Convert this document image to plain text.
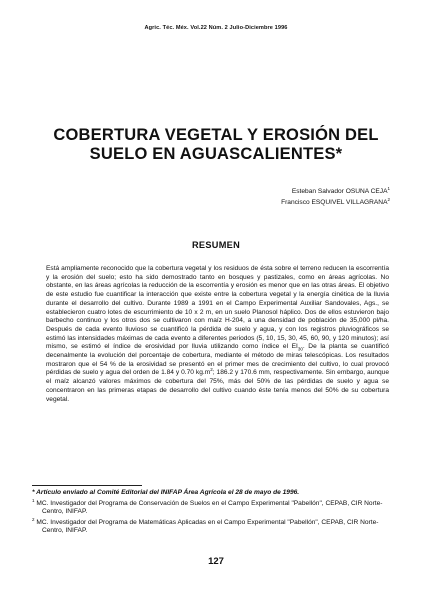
Agric. Téc. Méx. Vol.22 Núm. 2 Julio-Diciembre 1996
COBERTURA VEGETAL Y EROSIÓN DEL
SUELO EN AGUASCALIENTES*
Esteban Salvador OSUNA CEJA$^1$
Francisco ESQUIVEL VILLAGRANA$^2$
RESUMEN

Está ampliamente reconocido que la cobertura vegetal y los residuos de ésta sobre el terreno reducen la escorrentía y la erosión del suelo; esto ha sido demostrado tanto en bosques y pastizales, como en áreas agrícolas. No obstante, en las áreas agrícolas la reducción de la escorrentía y erosión es menor que en las otras áreas. El objetivo de este estudio fue cuantificar la interacción que existe entre la cobertura vegetal y la energía cinética de la lluvia durante el desarrollo del cultivo. Durante 1989 a 1991 en el Campo Experimental Auxiliar Sandovales, Ags., se establecieron cuatro lotes de escurrimiento de 10 x 2 m, en un suelo Planosol háplico. Dos de ellos estuvieron bajo barbecho continuo y los otros dos se cultivaron con maíz H-204, a una densidad de población de 35,000 pl/ha. Después de cada evento lluvioso se cuantificó la pérdida de suelo y agua, y con los registros pluviográficos se estimó las intensidades máximas de cada evento a diferentes periodos (5, 10, 15, 30, 45, 60, 90, y 120 minutos); así mismo, se estimó el índice de erosividad por lluvia utilizando como índice el $EI_{30}$. De la planta se cuantificó decenalmente la evolución del porcentaje de cobertura, mediante el método de miras telescópicas. Los resultados mostraron que el 54 % de la erosividad se presentó en el primer mes de crecimiento del cultivo, lo cual provocó pérdidas de suelo y agua del orden de 1.84 y 0.70 $kg.m^2$; 186.2 y 170.6 mm, respectivamente. Sin embargo, aunque el maíz alcanzó valores máximos de cobertura del 75%, más del 50% de las pérdidas de suelo y agua se concentraron en las primeras etapas de desarrollo del cultivo cuando éste tenía menos del 50% de su cobertura vegetal.

* Artículo enviado al Comité Editorial del INIFAP Área Agrícola el 28 de mayo de 1996.

$^1$ MC. Investigador del Programa de Conservación de Suelos en el Campo Experimental "Pabellón", CEPAB, CIR Norte-Centro, INIFAP.

$^2$ MC. Investigador del Programa de Matemáticas Aplicadas en el Campo Experimental "Pabellón", CEPAB, CIR Norte-Centro, INIFAP.

127
